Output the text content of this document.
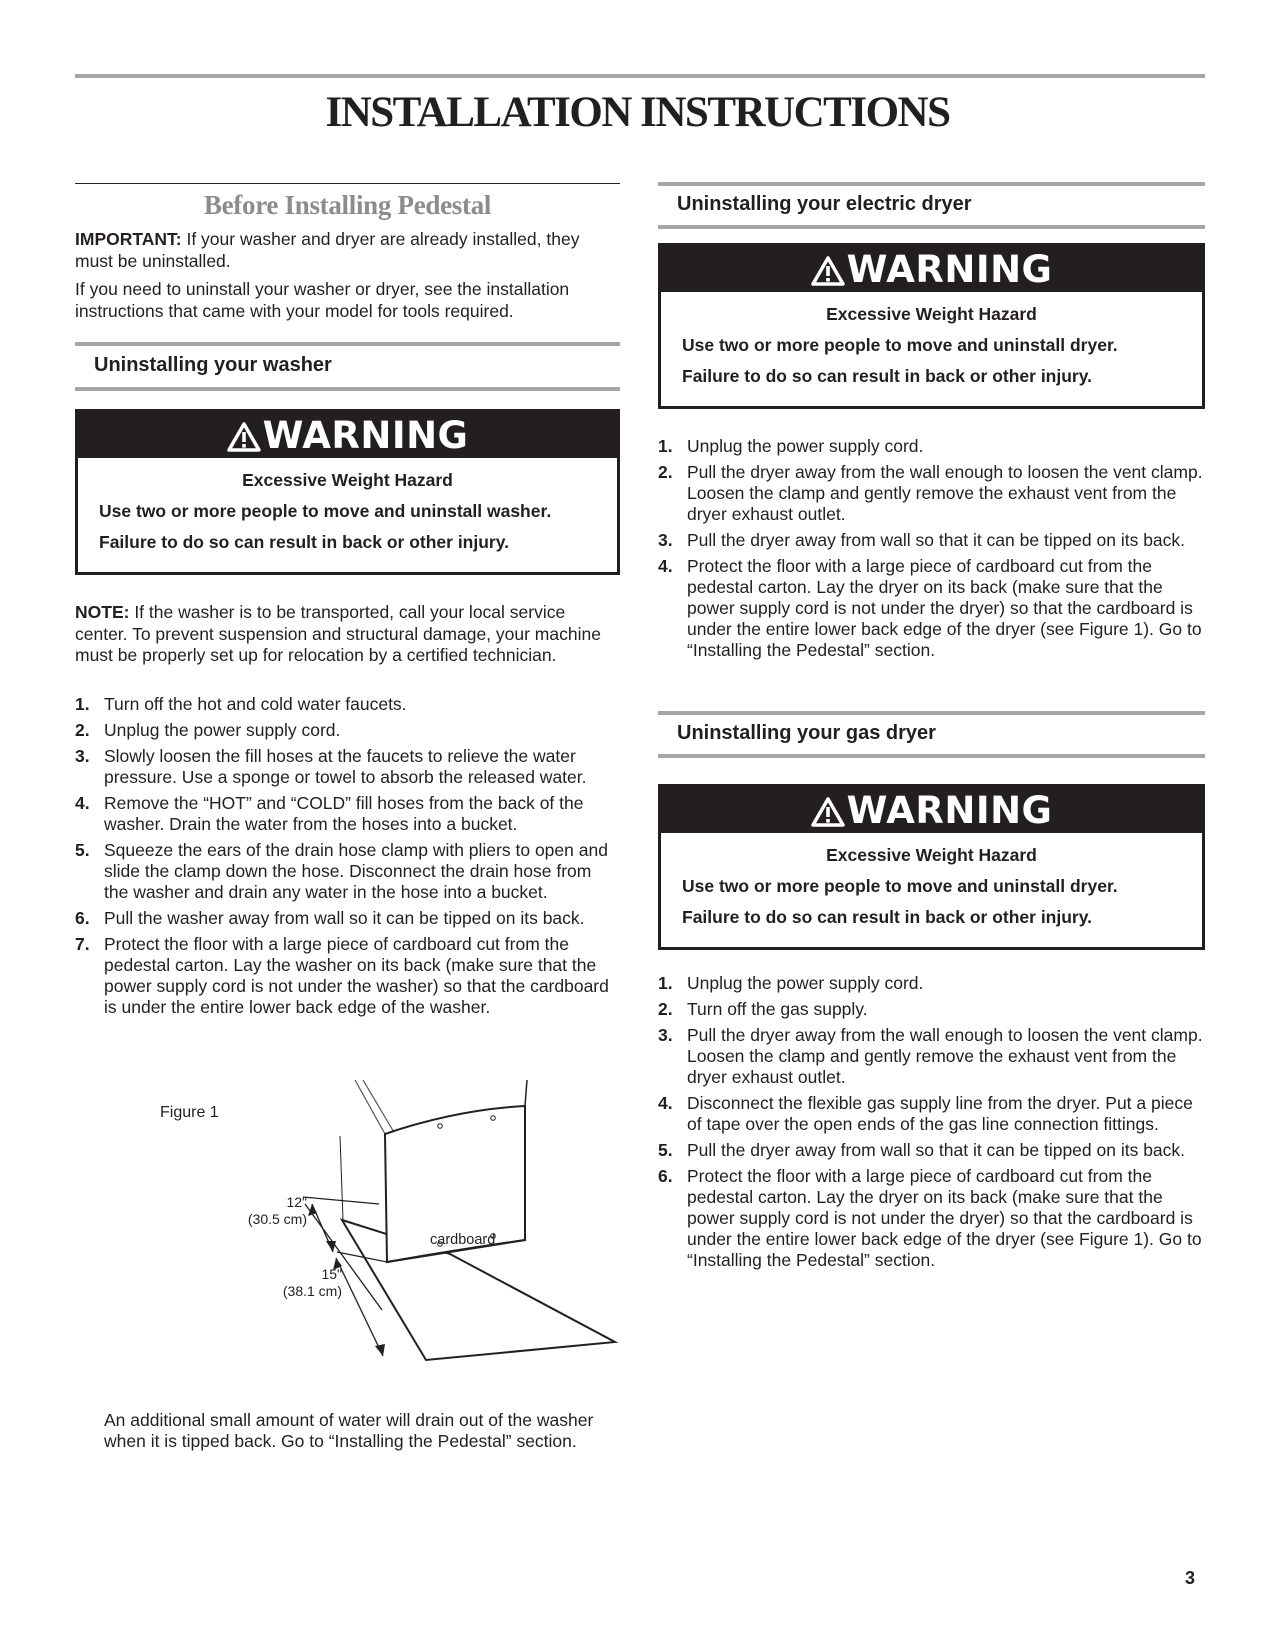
INSTALLATION INSTRUCTIONS
Before Installing Pedestal

IMPORTANT: If your washer and dryer are already installed, they must be uninstalled.

If you need to uninstall your washer or dryer, see the installation instructions that came with your model for tools required.

Uninstalling your washer
WARNING
Excessive Weight Hazard
Use two or more people to move and uninstall washer.
Failure to do so can result in back or other injury.

NOTE: If the washer is to be transported, call your local service center. To prevent suspension and structural damage, your machine must be properly set up for relocation by a certified technician.

1. Turn off the hot and cold water faucets.
2. Unplug the power supply cord.
3. Slowly loosen the fill hoses at the faucets to relieve the water pressure. Use a sponge or towel to absorb the released water.
4. Remove the “HOT” and “COLD” fill hoses from the back of the washer. Drain the water from the hoses into a bucket.
5. Squeeze the ears of the drain hose clamp with pliers to open and slide the clamp down the hose. Disconnect the drain hose from the washer and drain any water in the hose into a bucket.
6. Pull the washer away from wall so it can be tipped on its back.
7. Protect the floor with a large piece of cardboard cut from the pedestal carton. Lay the washer on its back (make sure that the power supply cord is not under the washer) so that the cardboard is under the entire lower back edge of the washer.
Figure 1
12"
(30.5 cm)
15"
(38.1 cm)
cardboard

An additional small amount of water will drain out of the washer when it is tipped back. Go to “Installing the Pedestal” section.

Uninstalling your electric dryer
WARNING
Excessive Weight Hazard
Use two or more people to move and uninstall dryer.
Failure to do so can result in back or other injury.
1. Unplug the power supply cord.
2. Pull the dryer away from the wall enough to loosen the vent clamp. Loosen the clamp and gently remove the exhaust vent from the dryer exhaust outlet.
3. Pull the dryer away from wall so that it can be tipped on its back.
4. Protect the floor with a large piece of cardboard cut from the pedestal carton. Lay the dryer on its back (make sure that the power supply cord is not under the dryer) so that the cardboard is under the entire lower back edge of the dryer (see Figure 1). Go to “Installing the Pedestal” section.
Uninstalling your gas dryer
WARNING
Excessive Weight Hazard
Use two or more people to move and uninstall dryer.
Failure to do so can result in back or other injury.
1. Unplug the power supply cord.
2. Turn off the gas supply.
3. Pull the dryer away from the wall enough to loosen the vent clamp. Loosen the clamp and gently remove the exhaust vent from the dryer exhaust outlet.
4. Disconnect the flexible gas supply line from the dryer. Put a piece of tape over the open ends of the gas line connection fittings.
5. Pull the dryer away from wall so that it can be tipped on its back.
6. Protect the floor with a large piece of cardboard cut from the pedestal carton. Lay the dryer on its back (make sure that the power supply cord is not under the dryer) so that the cardboard is under the entire lower back edge of the dryer (see Figure 1). Go to “Installing the Pedestal” section.
3
